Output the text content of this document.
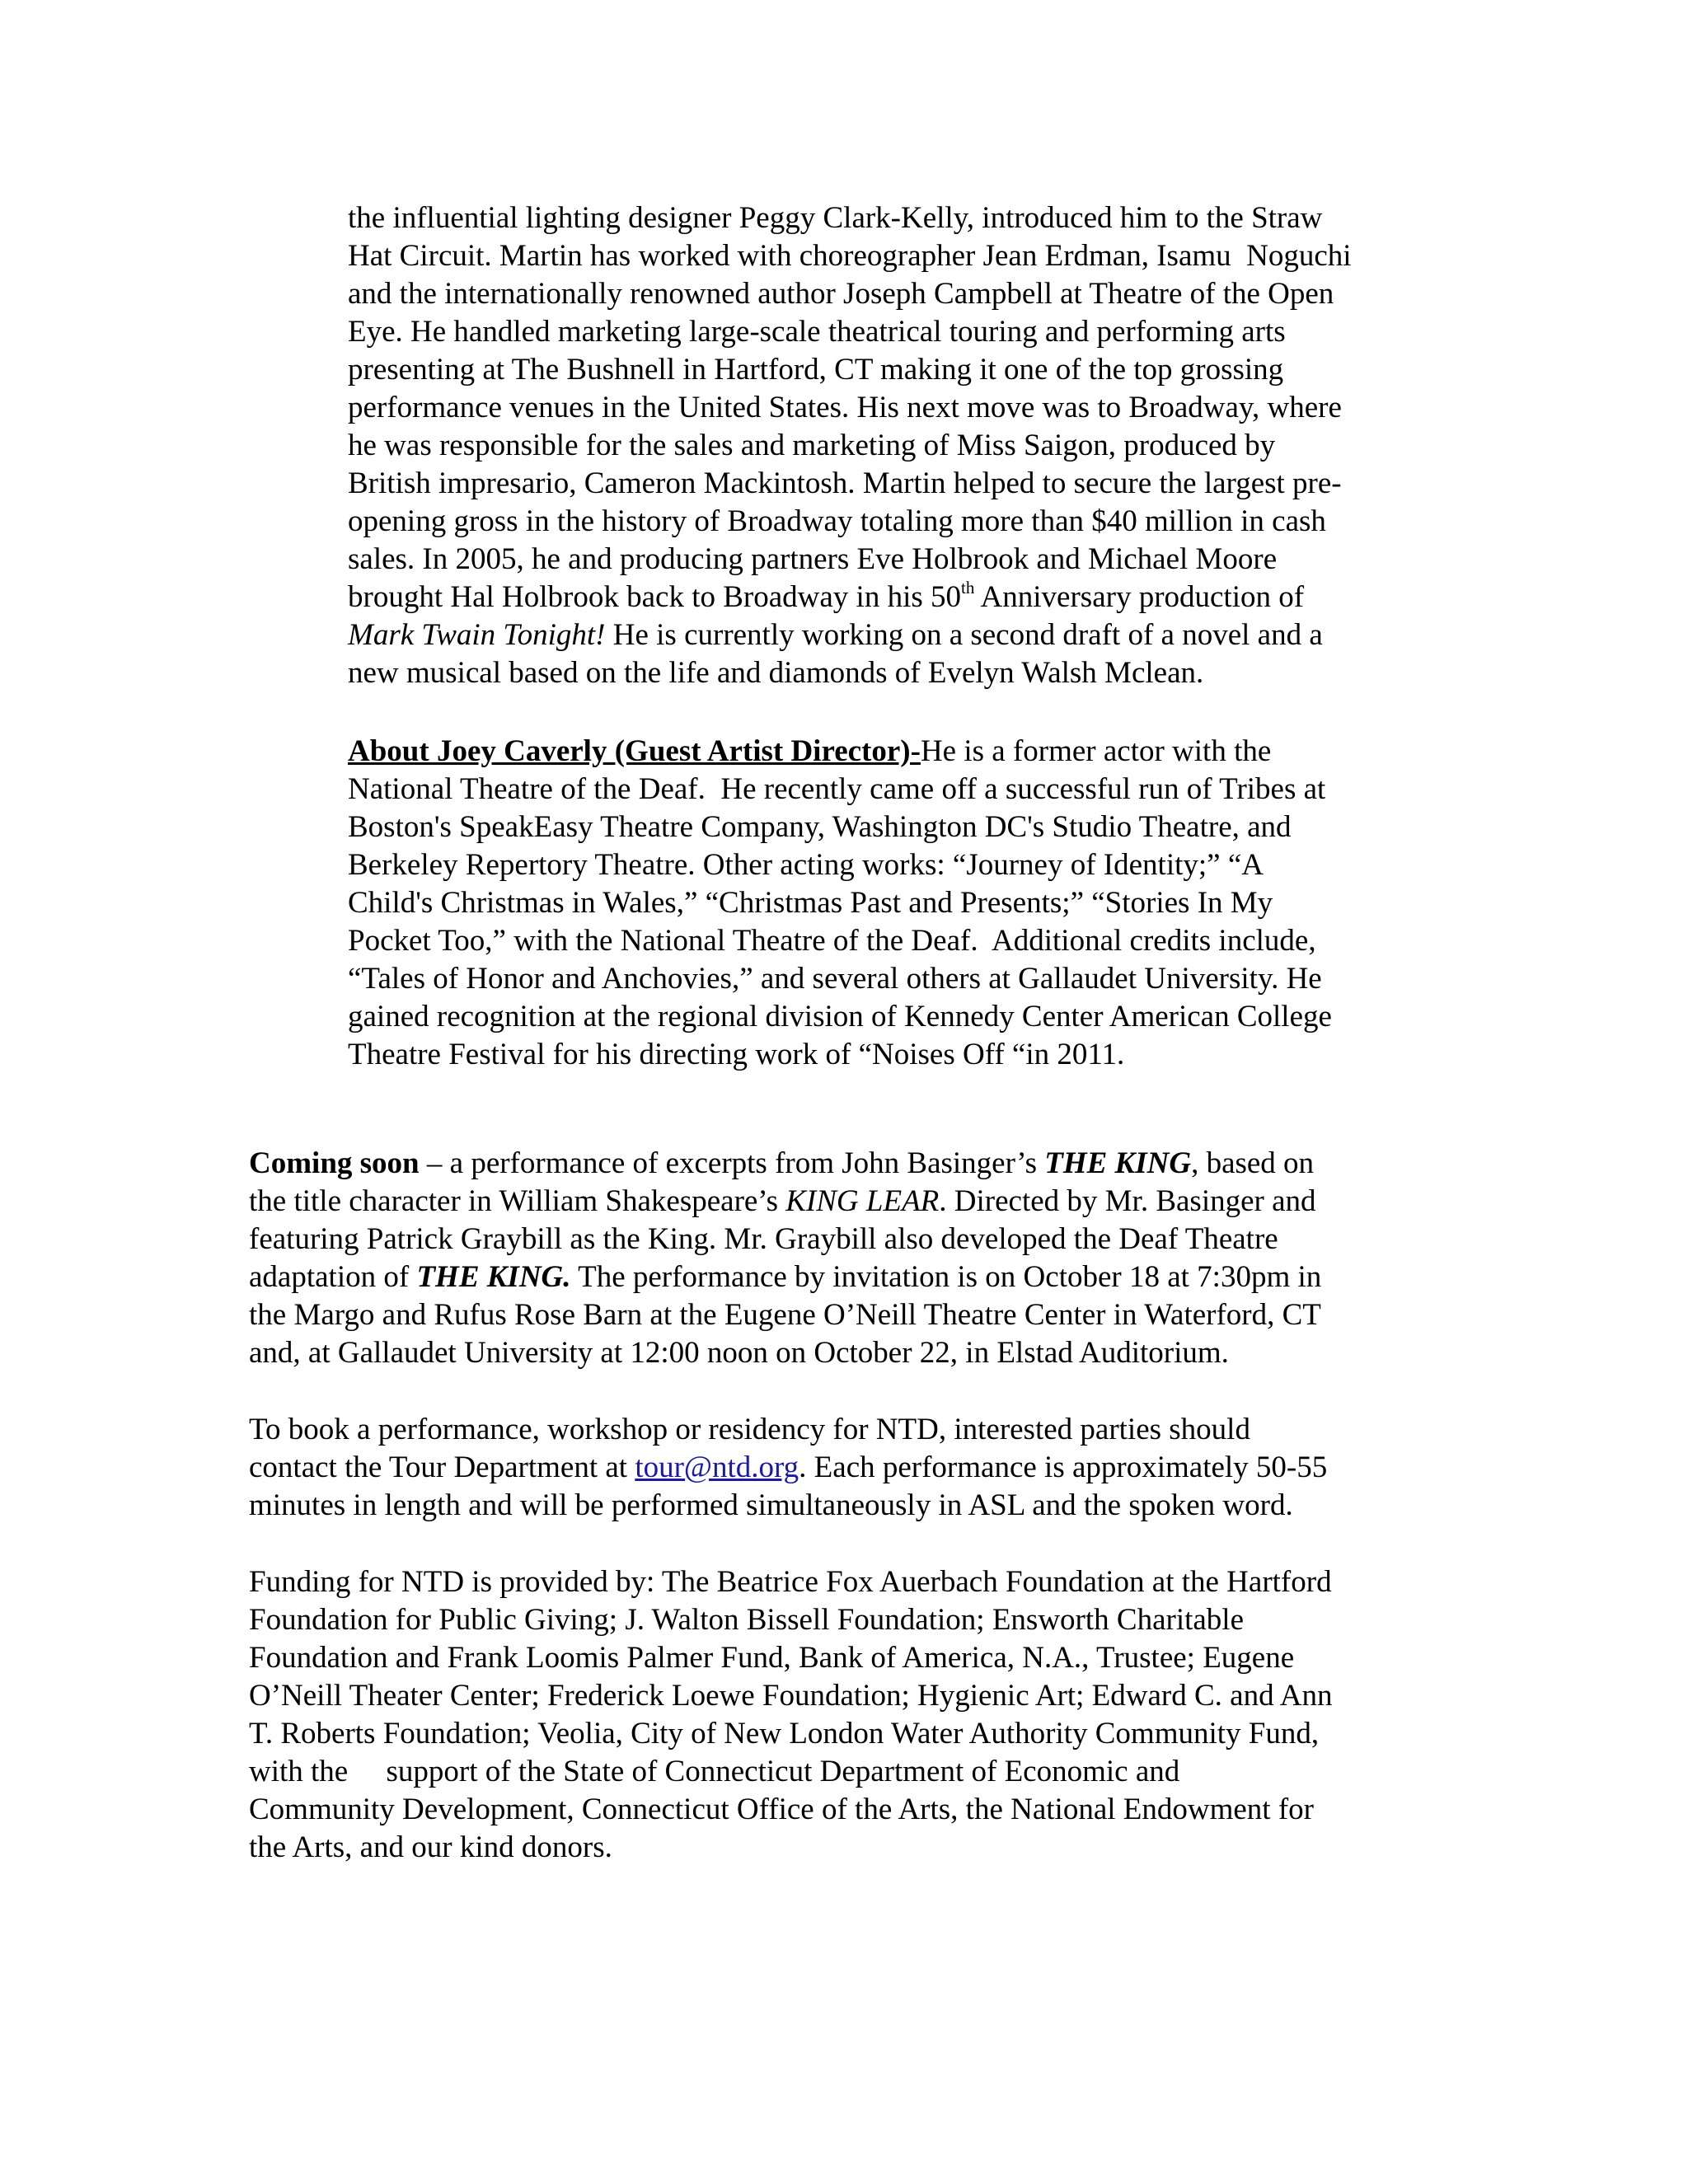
the influential lighting designer Peggy Clark-Kelly, introduced him to the Straw
Hat Circuit. Martin has worked with choreographer Jean Erdman, Isamu  Noguchi
and the internationally renowned author Joseph Campbell at Theatre of the Open
Eye. He handled marketing large-scale theatrical touring and performing arts
presenting at The Bushnell in Hartford, CT making it one of the top grossing
performance venues in the United States. His next move was to Broadway, where
he was responsible for the sales and marketing of Miss Saigon, produced by
British impresario, Cameron Mackintosh. Martin helped to secure the largest pre-
opening gross in the history of Broadway totaling more than $40 million in cash
sales. In 2005, he and producing partners Eve Holbrook and Michael Moore
brought Hal Holbrook back to Broadway in his 50th Anniversary production of
Mark Twain Tonight! He is currently working on a second draft of a novel and a
new musical based on the life and diamonds of Evelyn Walsh Mclean.
About Joey Caverly (Guest Artist Director)-He is a former actor with the
National Theatre of the Deaf.  He recently came off a successful run of Tribes at
Boston's SpeakEasy Theatre Company, Washington DC's Studio Theatre, and
Berkeley Repertory Theatre. Other acting works: “Journey of Identity;” “A
Child's Christmas in Wales,” “Christmas Past and Presents;” “Stories In My
Pocket Too,” with the National Theatre of the Deaf.  Additional credits include,
“Tales of Honor and Anchovies,” and several others at Gallaudet University. He
gained recognition at the regional division of Kennedy Center American College
Theatre Festival for his directing work of “Noises Off “in 2011.
Coming soon – a performance of excerpts from John Basinger’s THE KING, based on
the title character in William Shakespeare’s KING LEAR. Directed by Mr. Basinger and
featuring Patrick Graybill as the King. Mr. Graybill also developed the Deaf Theatre
adaptation of THE KING. The performance by invitation is on October 18 at 7:30pm in
the Margo and Rufus Rose Barn at the Eugene O’Neill Theatre Center in Waterford, CT
and, at Gallaudet University at 12:00 noon on October 22, in Elstad Auditorium.
To book a performance, workshop or residency for NTD, interested parties should
contact the Tour Department at tour@ntd.org. Each performance is approximately 50-55
minutes in length and will be performed simultaneously in ASL and the spoken word.
Funding for NTD is provided by: The Beatrice Fox Auerbach Foundation at the Hartford
Foundation for Public Giving; J. Walton Bissell Foundation; Ensworth Charitable
Foundation and Frank Loomis Palmer Fund, Bank of America, N.A., Trustee; Eugene
O’Neill Theater Center; Frederick Loewe Foundation; Hygienic Art; Edward C. and Ann
T. Roberts Foundation; Veolia, City of New London Water Authority Community Fund,
with the     support of the State of Connecticut Department of Economic and
Community Development, Connecticut Office of the Arts, the National Endowment for
the Arts, and our kind donors.
